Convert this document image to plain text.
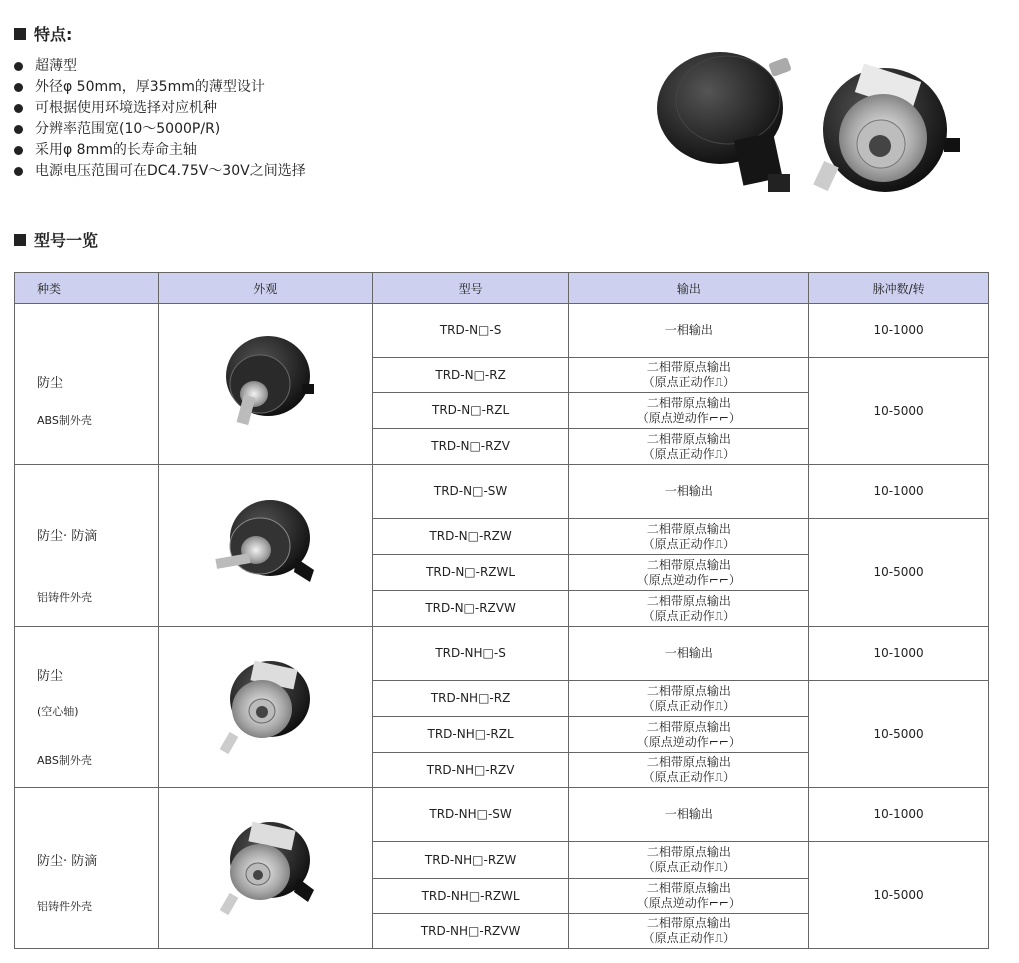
特点:
超薄型
外径φ 50mm，厚35mm的薄型设计
可根据使用环境选择对应机种
分辨率范围宽(10～5000P/R)
采用φ 8mm的长寿命主轴
电源电压范围可在DC4.75V～30V之间选择
型号一览
种类	外观	型号	输出	脉冲数/转

防尘
ABS制外壳		TRD-N□-S	一相输出	10-1000
		TRD-N□-RZ	二相带原点输出
（原点正动作⎍）	10-5000
		TRD-N□-RZL	二相带原点输出
（原点逆动作⌐⌐）	
		TRD-N□-RZV	二相带原点输出
（原点正动作⎍）	

防尘· 防滴
铝铸件外壳		TRD-N□-SW	一相输出	10-1000
		TRD-N□-RZW	二相带原点输出
（原点正动作⎍）	10-5000
		TRD-N□-RZWL	二相带原点输出
（原点逆动作⌐⌐）	
		TRD-N□-RZVW	二相带原点输出
（原点正动作⎍）	

防尘
(空心轴)
ABS制外壳		TRD-NH□-S	一相输出	10-1000
		TRD-NH□-RZ	二相带原点输出
（原点正动作⎍）	10-5000
		TRD-NH□-RZL	二相带原点输出
（原点逆动作⌐⌐）	
		TRD-NH□-RZV	二相带原点输出
（原点正动作⎍）	

防尘· 防滴
铝铸件外壳		TRD-NH□-SW	一相输出	10-1000
		TRD-NH□-RZW	二相带原点输出
（原点正动作⎍）	10-5000
		TRD-NH□-RZWL	二相带原点输出
（原点逆动作⌐⌐）	
		TRD-NH□-RZVW	二相带原点输出
（原点正动作⎍）	
